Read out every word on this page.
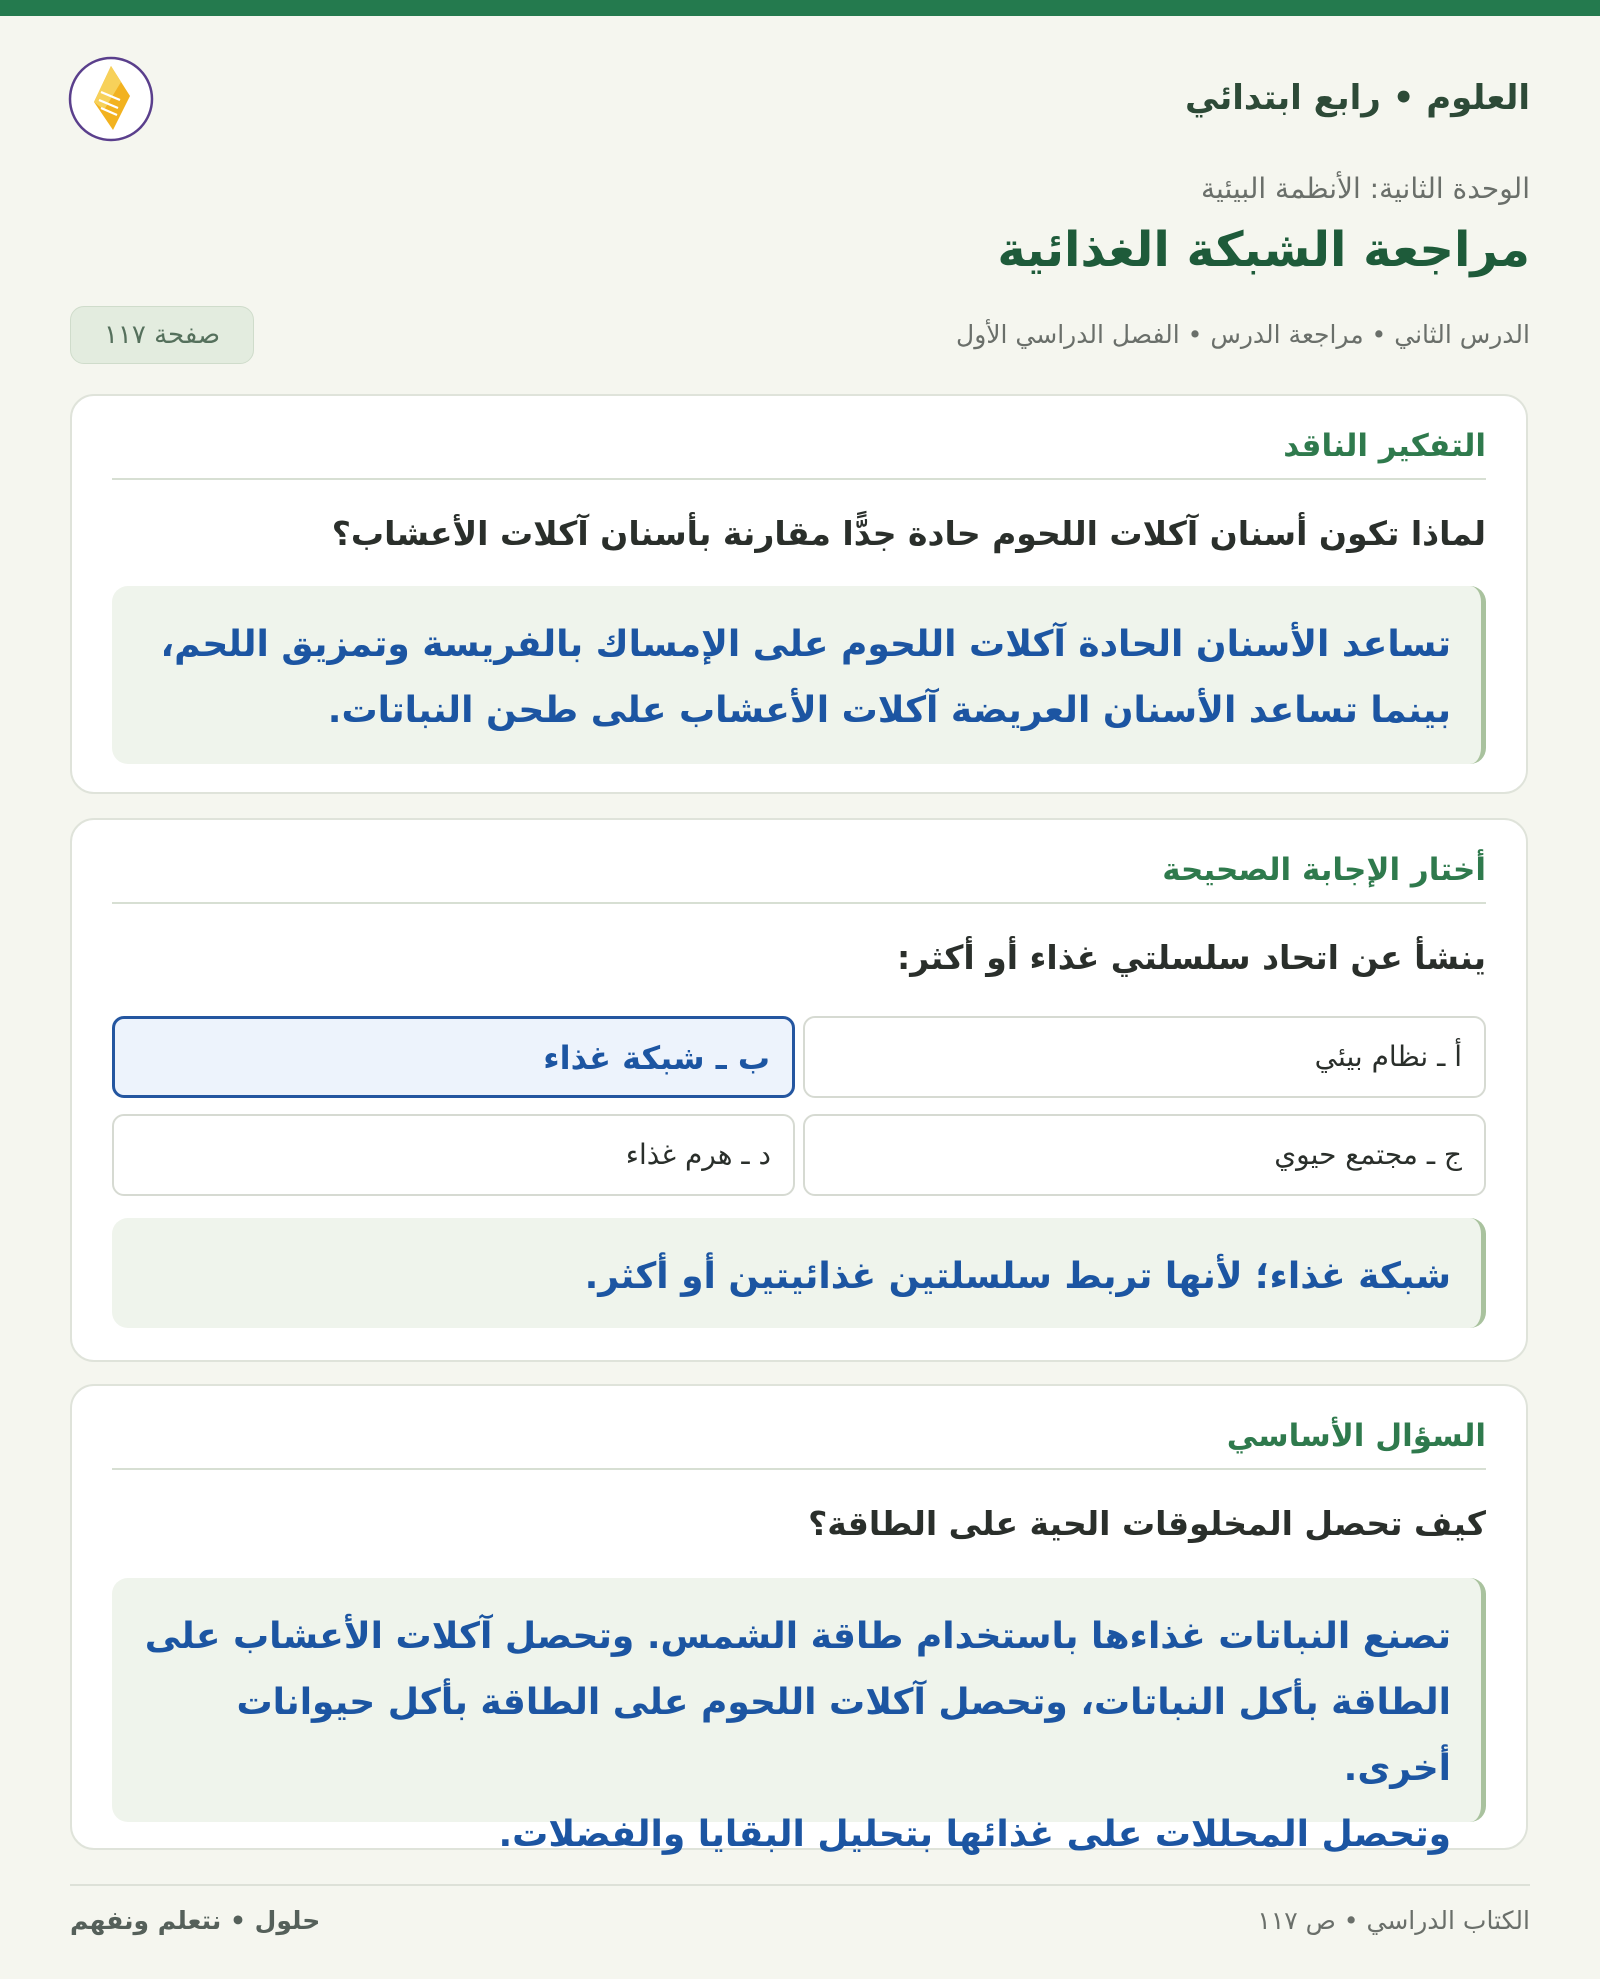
العلوم • رابع ابتدائي
الوحدة الثانية: الأنظمة البيئية
مراجعة الشبكة الغذائية
الدرس الثاني • مراجعة الدرس • الفصل الدراسي الأول
صفحة ١١٧
التفكير الناقد
لماذا تكون أسنان آكلات اللحوم حادة جدًّا مقارنة بأسنان آكلات الأعشاب؟
تساعد الأسنان الحادة آكلات اللحوم على الإمساك بالفريسة وتمزيق اللحم،
بينما تساعد الأسنان العريضة آكلات الأعشاب على طحن النباتات.
أختار الإجابة الصحيحة
ينشأ عن اتحاد سلسلتي غذاء أو أكثر:
أ ـ نظام بيئي
ب ـ شبكة غذاء
ج ـ مجتمع حيوي
د ـ هرم غذاء
شبكة غذاء؛ لأنها تربط سلسلتين غذائيتين أو أكثر.
السؤال الأساسي
كيف تحصل المخلوقات الحية على الطاقة؟
تصنع النباتات غذاءها باستخدام طاقة الشمس. وتحصل آكلات الأعشاب على
الطاقة بأكل النباتات، وتحصل آكلات اللحوم على الطاقة بأكل حيوانات أخرى.
وتحصل المحللات على غذائها بتحليل البقايا والفضلات.
الكتاب الدراسي • ص ١١٧
حلول • نتعلم ونفهم
